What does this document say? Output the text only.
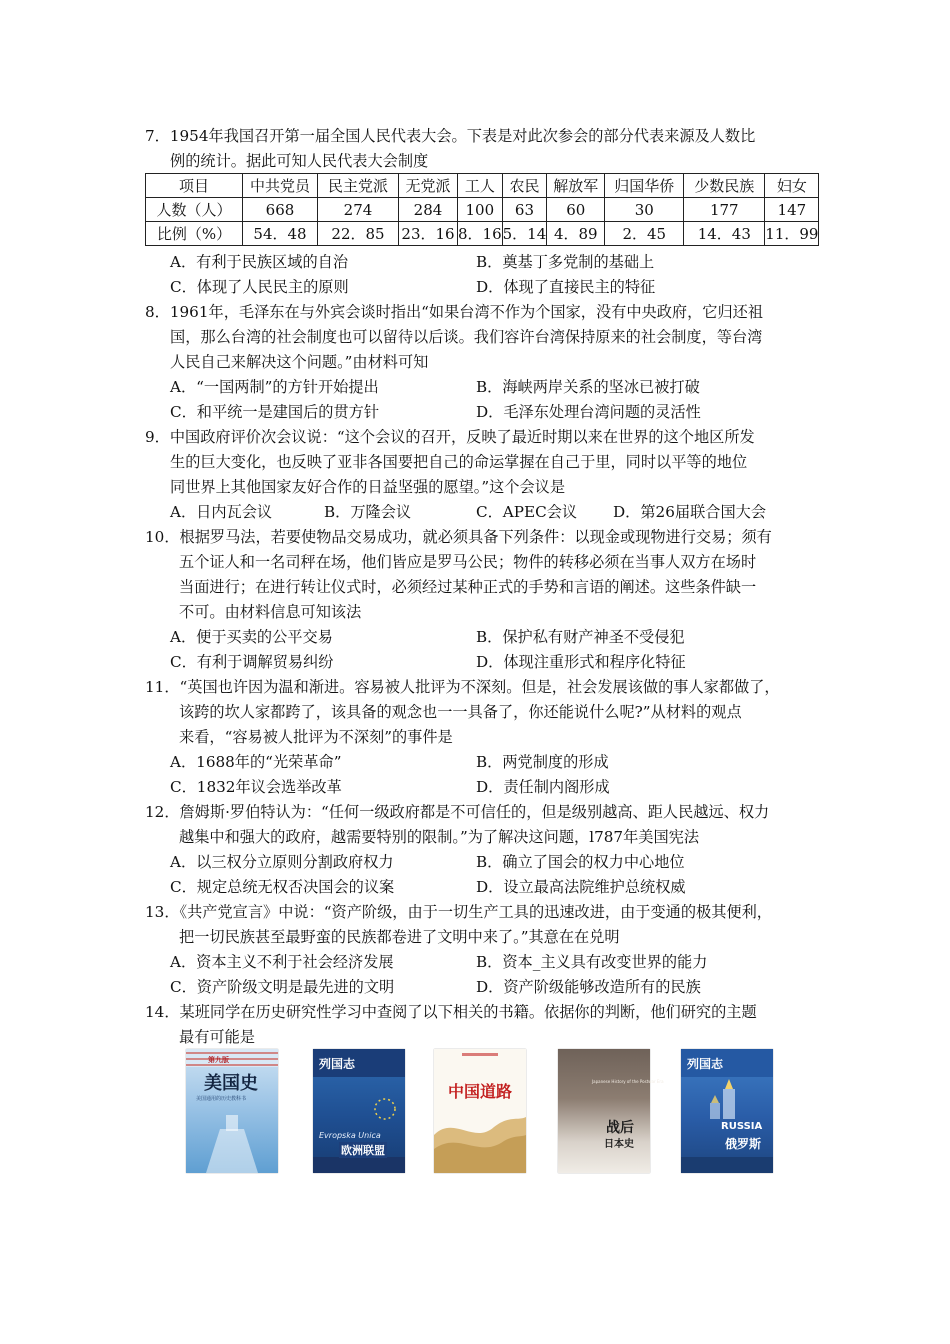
7．1954年我国召开第一届全国人民代表大会。下表是对此次参会的部分代表来源及人数比
例的统计。据此可知人民代表大会制度
项目	中共党员	民主党派	无党派	工人	农民	解放军	归国华侨	少数民族	妇女
人数（人）	668	274	284	100	63	60	30	177	147
比例（%）	54．48	22．85	23．16	8．16	5．14	4．89	2．45	14．43	11．99
A．有利于民族区域的自治	B．奠基丁多党制的基础上
C．体现了人民民主的原则	D．体现了直接民主的特征
8．1961年，毛泽东在与外宾会谈时指出“如果台湾不作为个国家，没有中央政府，它归还祖
国，那么台湾的社会制度也可以留待以后谈。我们容许台湾保持原来的社会制度，等台湾
人民自己来解决这个问题。”由材料可知
A．“一国两制”的方针开始提出	B．海峡两岸关系的坚冰已被打破
C．和平统一是建国后的贯方针	D．毛泽东处理台湾问题的灵活性
9．中国政府评价次会议说：“这个会议的召开，反映了最近时期以来在世界的这个地区所发
生的巨大变化，也反映了亚非各国要把自己的命运掌握在自己于里，同时以平等的地位
同世界上其他国家友好合作的日益坚强的愿望。”这个会议是
A．日内瓦会议	B．万隆会议	C．APEC会议 D．第26届联合国大会
10．根据罗马法，若要使物品交易成功，就必须具备下列条件：以现金或现物进行交易；须有
五个证人和一名司秤在场，他们皆应是罗马公民；物件的转移必须在当事人双方在场时
当面进行；在进行转让仪式时，必须经过某种正式的手势和言语的阐述。这些条件缺一
不可。由材料信息可知该法
A．便于买卖的公平交易	B．保护私有财产神圣不受侵犯
C．有利于调解贸易纠纷	D．体现注重形式和程序化特征
11．“英国也许因为温和渐进。容易被人批评为不深刻。但是，社会发展该做的事人家都做了，
该跨的坎人家都跨了，该具备的观念也一一具备了，你还能说什么呢?”从材料的观点
来看，“容易被人批评为不深刻”的事件是
A．1688年的“光荣革命”	B．两党制度的形成
C．1832年议会选举改革	D．责任制内阁形成
12．詹姆斯·罗伯特认为：“任何一级政府都是不可信任的，但是级别越高、距人民越远、权力
越集中和强大的政府，越需要特别的限制。”为了解决这问题，l787年美国宪法
A．以三权分立原则分割政府权力	B．确立了国会的权力中心地位
C．规定总统无权否决国会的议案	D．设立最高法院维护总统权威
13．《共产党宣言》中说：“资产阶级，由于一切生产工具的迅速改进，由于变通的极其便利，
把一切民族甚至最野蛮的民族都卷进了文明中来了。”其意在在兑明
A．资本主义不利于社会经济发展	B．资本_主义具有改变世界的能力
C．资产阶级文明是最先进的文明	D．资产阶级能够改造所有的民族
14．某班同学在历史研究性学习中查阅了以下相关的书籍。依据你的判断，他们研究的主题
最有可能是
第九版
美国史
美国通用的历史教科书
列国志
Evropska Unica
欧洲联盟
中国道路
战后
日本史
Japanese History of the Postwar Era
列国志
RUSSIA
俄罗斯
